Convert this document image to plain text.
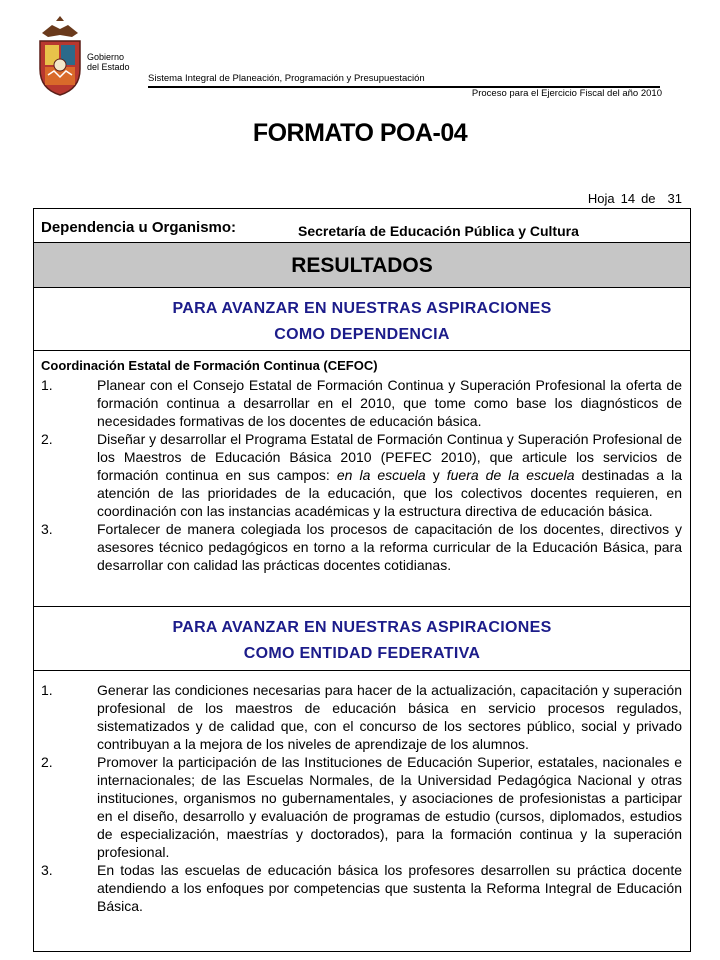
Gobierno
del Estado
Sistema Integral de Planeación, Programación y Presupuestación
Proceso para el Ejercicio Fiscal del año 2010
FORMATO POA-04
Hoja 14 de 31
Dependencia u Organismo:	Secretaría de Educación Pública y Cultura
RESULTADOS
PARA AVANZAR EN NUESTRAS ASPIRACIONES
COMO DEPENDENCIA
Coordinación Estatal de Formación Continua (CEFOC)
1.	Planear con el Consejo Estatal de Formación Continua y Superación Profesional la oferta de formación continua a desarrollar en el 2010, que tome como base los diagnósticos de necesidades formativas de los docentes de educación básica.
2.	Diseñar y desarrollar el Programa Estatal de Formación Continua y Superación Profesional de los Maestros de Educación Básica 2010 (PEFEC 2010), que articule los servicios de formación continua en sus campos: en la escuela y fuera de la escuela destinadas a la atención de las prioridades de la educación, que los colectivos docentes requieren, en coordinación con las instancias académicas y la estructura directiva de educación básica.
3.	Fortalecer de manera colegiada los procesos de capacitación de los docentes, directivos y asesores técnico pedagógicos en torno a la reforma curricular de la Educación Básica, para desarrollar con calidad las prácticas docentes cotidianas.
PARA AVANZAR EN NUESTRAS ASPIRACIONES
COMO ENTIDAD FEDERATIVA
1.	Generar las condiciones necesarias para hacer de la actualización, capacitación y superación profesional de los maestros de educación básica en servicio procesos regulados, sistematizados y de calidad que, con el concurso de los sectores público, social y privado contribuyan a la mejora de los niveles de aprendizaje de los alumnos.
2.	Promover la participación de las Instituciones de Educación Superior, estatales, nacionales e internacionales; de las Escuelas Normales, de la Universidad Pedagógica Nacional y otras instituciones, organismos no gubernamentales, y asociaciones de profesionistas a participar en el diseño, desarrollo y evaluación de programas de estudio (cursos, diplomados, estudios de especialización, maestrías y doctorados), para la formación continua y la superación profesional.
3.	En todas las escuelas de educación básica los profesores desarrollen su práctica docente atendiendo a los enfoques por competencias que sustenta la Reforma Integral de Educación Básica.
